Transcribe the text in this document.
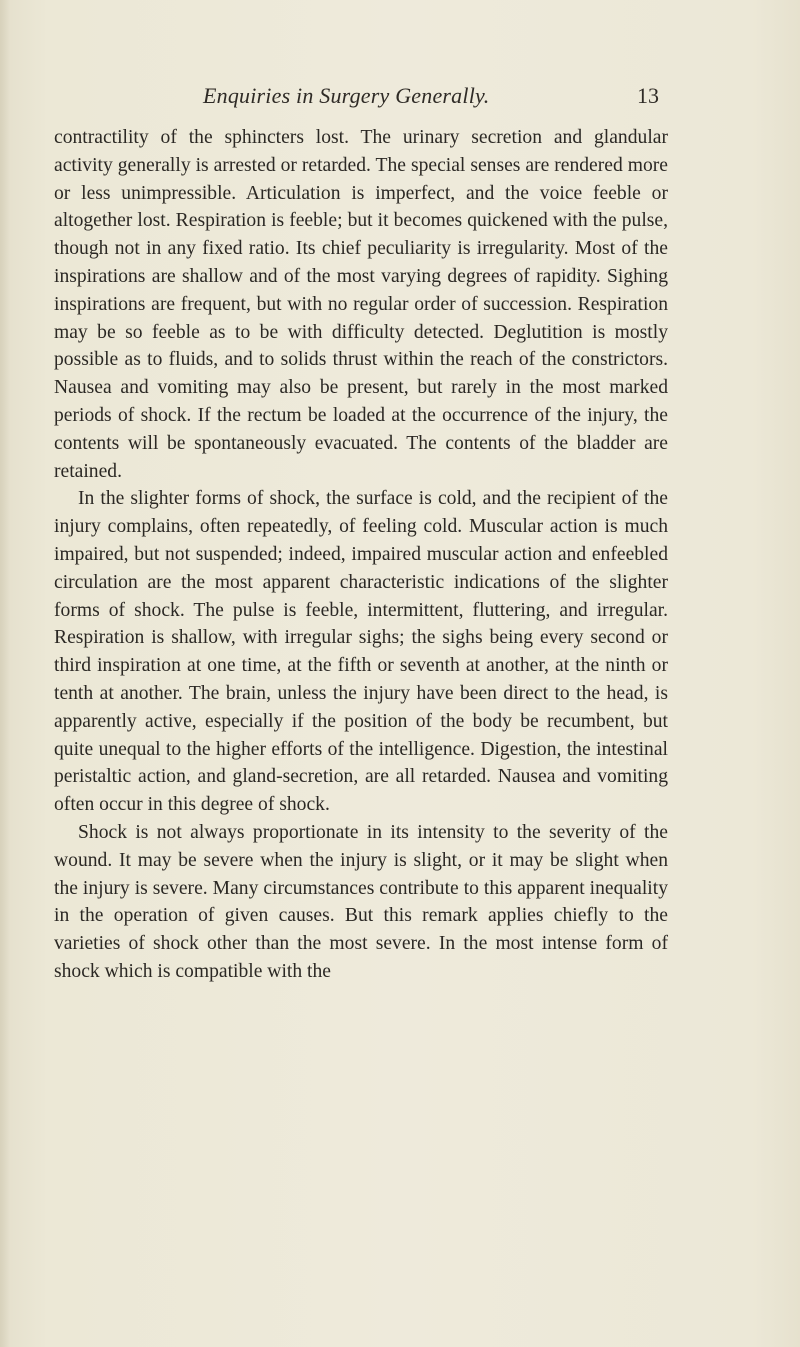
Enquiries in Surgery Generally.	13

contractility of the sphincters lost. The urinary secretion and glandular activity generally is arrested or retarded. The special senses are rendered more or less unimpressible. Articulation is imperfect, and the voice feeble or altogether lost. Respiration is feeble; but it becomes quickened with the pulse, though not in any fixed ratio. Its chief peculiarity is irregularity. Most of the inspirations are shallow and of the most varying degrees of rapidity. Sighing inspirations are frequent, but with no regular order of succession. Respiration may be so feeble as to be with difficulty detected. Deglutition is mostly possible as to fluids, and to solids thrust within the reach of the constrictors. Nausea and vomiting may also be present, but rarely in the most marked periods of shock. If the rectum be loaded at the occurrence of the injury, the contents will be spontaneously evacuated. The contents of the bladder are retained.

In the slighter forms of shock, the surface is cold, and the recipient of the injury complains, often repeatedly, of feeling cold. Muscular action is much impaired, but not suspended; indeed, impaired muscular action and enfeebled circulation are the most apparent characteristic indications of the slighter forms of shock. The pulse is feeble, intermittent, fluttering, and irregular. Respiration is shallow, with irregular sighs; the sighs being every second or third inspiration at one time, at the fifth or seventh at another, at the ninth or tenth at another. The brain, unless the injury have been direct to the head, is apparently active, especially if the position of the body be recumbent, but quite unequal to the higher efforts of the intelligence. Digestion, the intestinal peristaltic action, and gland-secretion, are all retarded. Nausea and vomiting often occur in this degree of shock.

Shock is not always proportionate in its intensity to the severity of the wound. It may be severe when the injury is slight, or it may be slight when the injury is severe. Many circumstances contribute to this apparent inequality in the operation of given causes. But this remark applies chiefly to the varieties of shock other than the most severe. In the most intense form of shock which is compatible with the
